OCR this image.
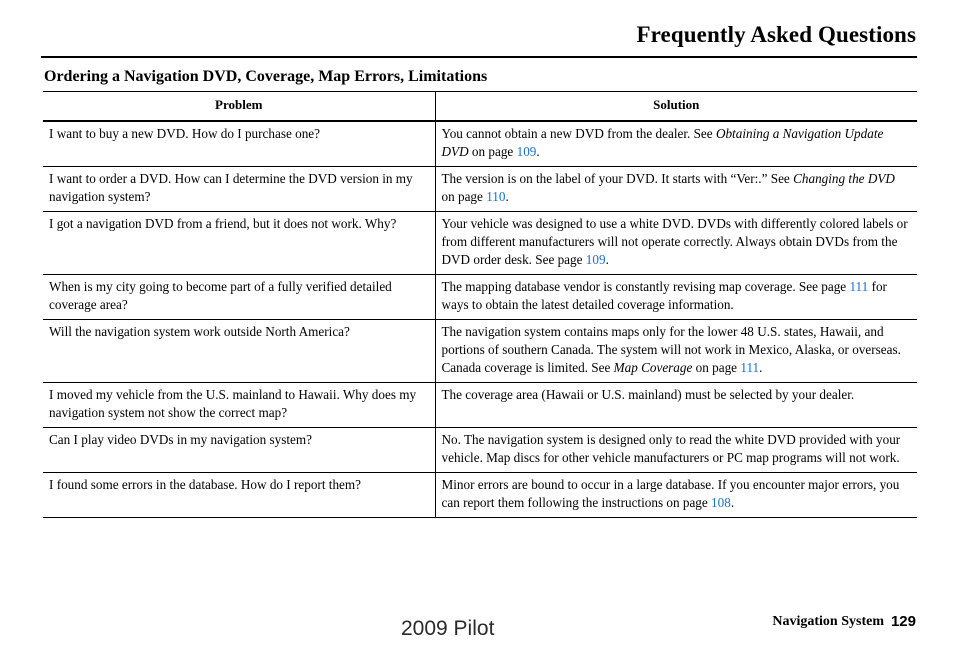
Frequently Asked Questions
Ordering a Navigation DVD, Coverage, Map Errors, Limitations
Problem	Solution
I want to buy a new DVD. How do I purchase one?	You cannot obtain a new DVD from the dealer. See Obtaining a Navigation Update DVD on page 109.
I want to order a DVD. How can I determine the DVD version in my navigation system?	The version is on the label of your DVD. It starts with “Ver:.” See Changing the DVD on page 110.
I got a navigation DVD from a friend, but it does not work. Why?	Your vehicle was designed to use a white DVD. DVDs with differently colored labels or from different manufacturers will not operate correctly. Always obtain DVDs from the DVD order desk. See page 109.
When is my city going to become part of a fully verified detailed coverage area?	The mapping database vendor is constantly revising map coverage. See page 111 for ways to obtain the latest detailed coverage information.
Will the navigation system work outside North America?	The navigation system contains maps only for the lower 48 U.S. states, Hawaii, and portions of southern Canada. The system will not work in Mexico, Alaska, or overseas. Canada coverage is limited. See Map Coverage on page 111.
I moved my vehicle from the U.S. mainland to Hawaii. Why does my navigation system not show the correct map?	The coverage area (Hawaii or U.S. mainland) must be selected by your dealer.
Can I play video DVDs in my navigation system?	No. The navigation system is designed only to read the white DVD provided with your vehicle. Map discs for other vehicle manufacturers or PC map programs will not work.
I found some errors in the database. How do I report them?	Minor errors are bound to occur in a large database. If you encounter major errors, you can report them following the instructions on page 108.
Navigation System 129
2009 Pilot
